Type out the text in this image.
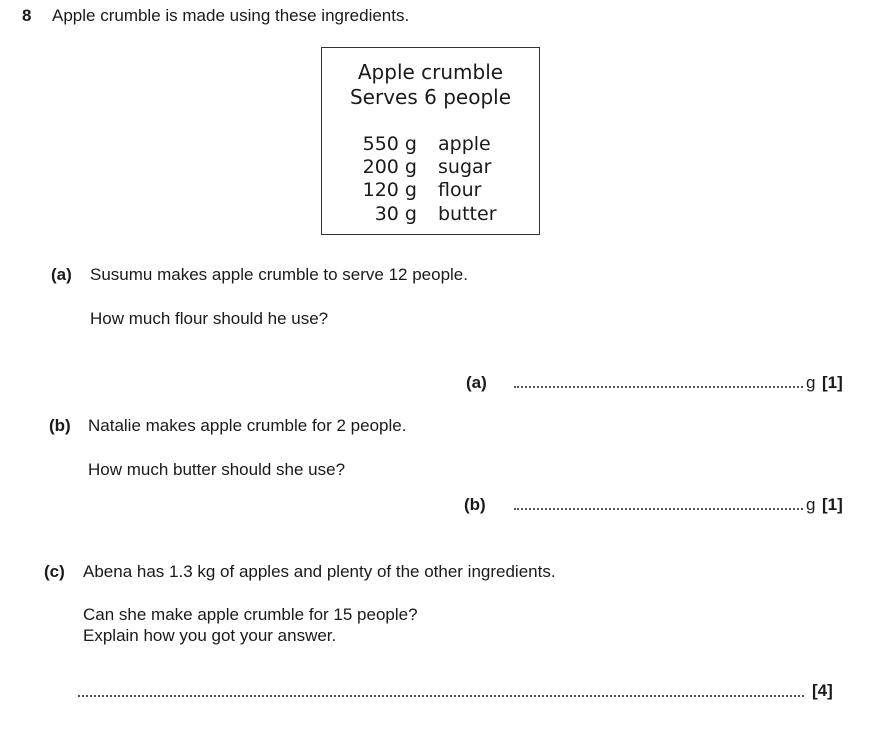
8 Apple crumble is made using these ingredients.
Apple crumble
Serves 6 people
550 g apple
200 g sugar
120 g flour
30 g butter
(a) Susumu makes apple crumble to serve 12 people.
How much flour should he use?
(a)	g [1]
(b) Natalie makes apple crumble for 2 people.
How much butter should she use?
(b)	g [1]
(c) Abena has 1.3 kg of apples and plenty of the other ingredients.
Can she make apple crumble for 15 people?
Explain how you got your answer.
[4]
